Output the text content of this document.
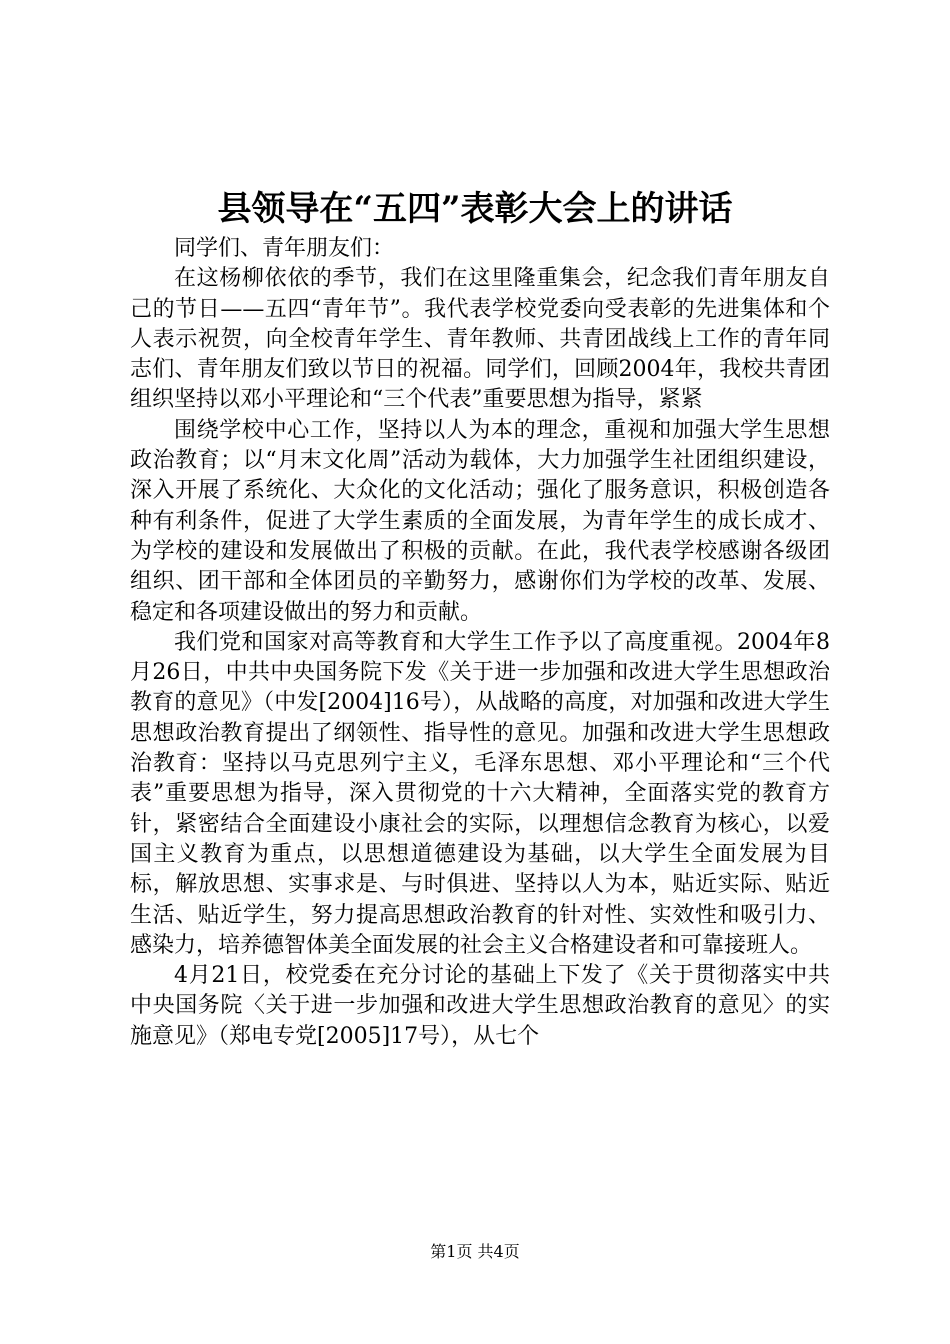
县领导在“五四”表彰大会上的讲话

同学们、青年朋友们：

在这杨柳依依的季节，我们在这里隆重集会，纪念我们青年朋友自己的节日——五四“青年节”。我代表学校党委向受表彰的先进集体和个人表示祝贺，向全校青年学生、青年教师、共青团战线上工作的青年同志们、青年朋友们致以节日的祝福。同学们，回顾2004年，我校共青团组织坚持以邓小平理论和“三个代表”重要思想为指导，紧紧

围绕学校中心工作，坚持以人为本的理念，重视和加强大学生思想政治教育；以“月末文化周”活动为载体，大力加强学生社团组织建设，深入开展了系统化、大众化的文化活动；强化了服务意识，积极创造各种有利条件，促进了大学生素质的全面发展，为青年学生的成长成才、为学校的建设和发展做出了积极的贡献。在此，我代表学校感谢各级团组织、团干部和全体团员的辛勤努力，感谢你们为学校的改革、发展、稳定和各项建设做出的努力和贡献。

我们党和国家对高等教育和大学生工作予以了高度重视。2004年8月26日，中共中央国务院下发《关于进一步加强和改进大学生思想政治教育的意见》（中发[2004]16号），从战略的高度，对加强和改进大学生思想政治教育提出了纲领性、指导性的意见。加强和改进大学生思想政治教育：坚持以马克思列宁主义，毛泽东思想、邓小平理论和“三个代表”重要思想为指导，深入贯彻党的十六大精神，全面落实党的教育方针，紧密结合全面建设小康社会的实际，以理想信念教育为核心，以爱国主义教育为重点，以思想道德建设为基础，以大学生全面发展为目标，解放思想、实事求是、与时俱进、坚持以人为本，贴近实际、贴近生活、贴近学生，努力提高思想政治教育的针对性、实效性和吸引力、感染力，培养德智体美全面发展的社会主义合格建设者和可靠接班人。

4月21日，校党委在充分讨论的基础上下发了《关于贯彻落实中共中央国务院〈关于进一步加强和改进大学生思想政治教育的意见〉的实施意见》（郑电专党[2005]17号），从七个

第1页 共4页
